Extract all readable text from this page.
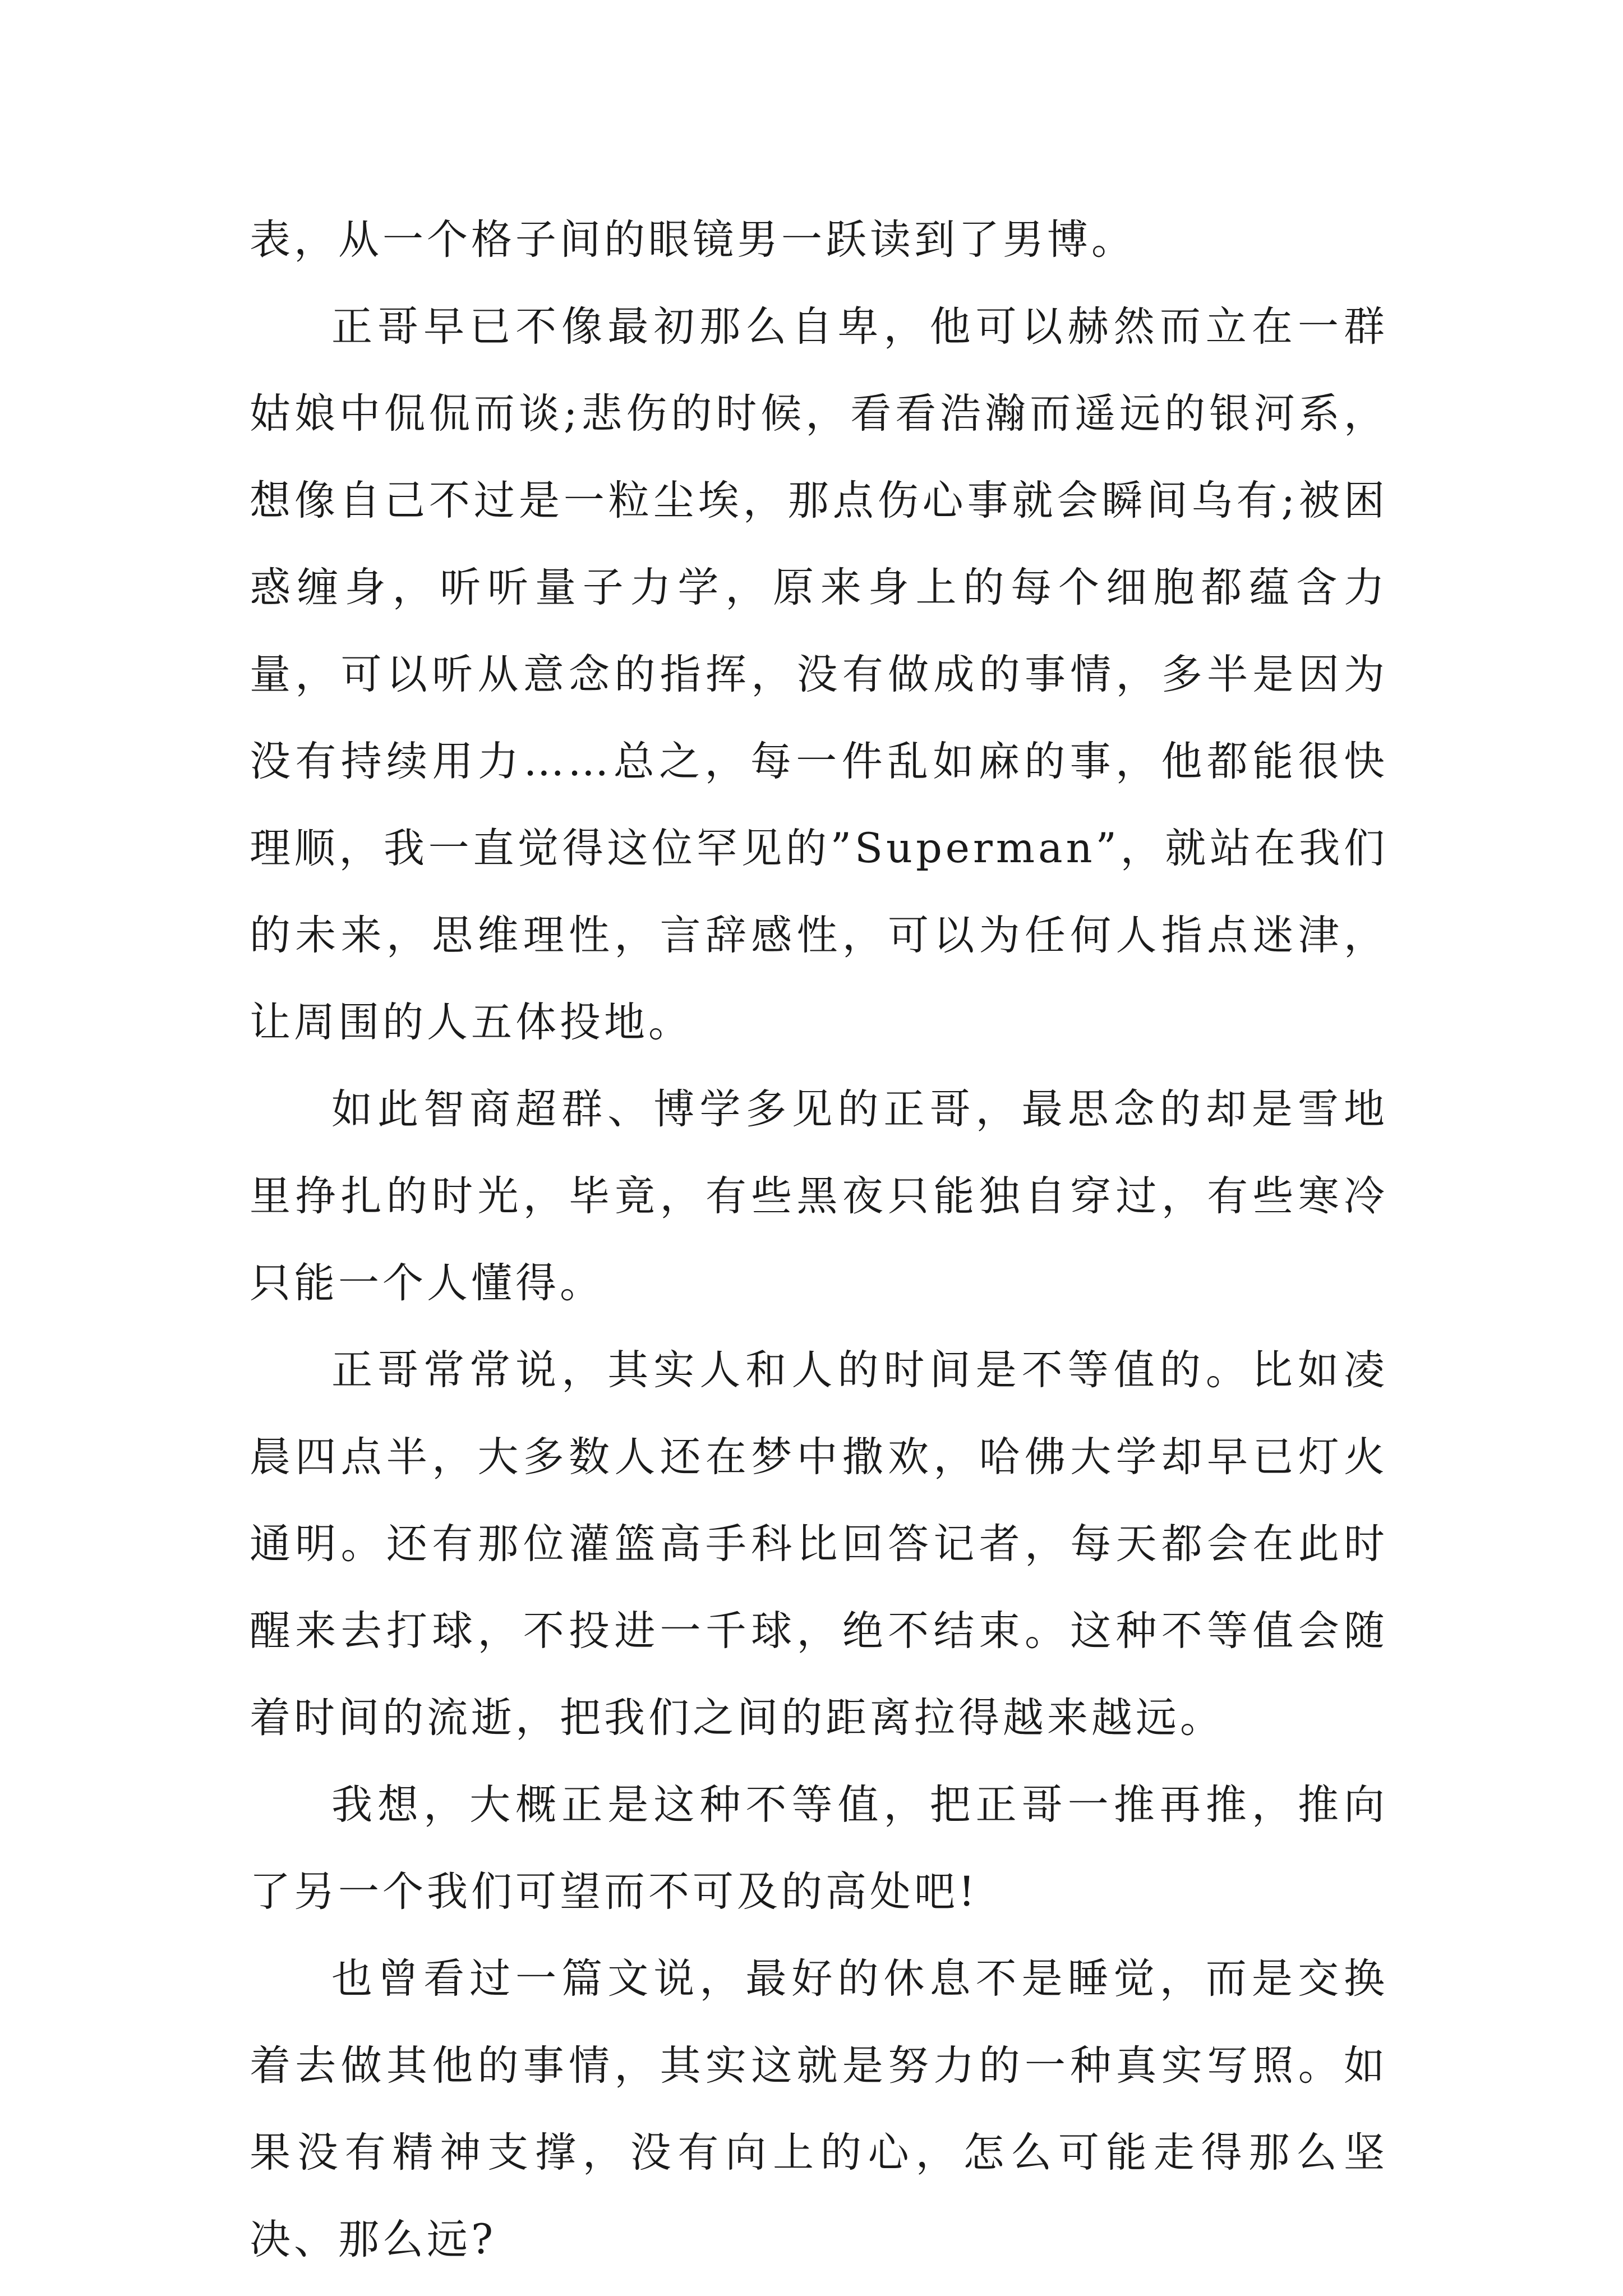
表，从一个格子间的眼镜男一跃读到了男博。

正哥早已不像最初那么自卑，他可以赫然而立在一群姑娘中侃侃而谈;悲伤的时候，看看浩瀚而遥远的银河系，想像自己不过是一粒尘埃，那点伤心事就会瞬间乌有;被困惑缠身，听听量子力学，原来身上的每个细胞都蕴含力量，可以听从意念的指挥，没有做成的事情，多半是因为没有持续用力……总之，每一件乱如麻的事，他都能很快理顺，我一直觉得这位罕见的”Superman”，就站在我们的未来，思维理性，言辞感性，可以为任何人指点迷津，让周围的人五体投地。

如此智商超群、博学多见的正哥，最思念的却是雪地里挣扎的时光，毕竟，有些黑夜只能独自穿过，有些寒冷只能一个人懂得。

正哥常常说，其实人和人的时间是不等值的。比如凌晨四点半，大多数人还在梦中撒欢，哈佛大学却早已灯火通明。还有那位灌篮高手科比回答记者，每天都会在此时醒来去打球，不投进一千球，绝不结束。这种不等值会随着时间的流逝，把我们之间的距离拉得越来越远。

我想，大概正是这种不等值，把正哥一推再推，推向了另一个我们可望而不可及的高处吧!

也曾看过一篇文说，最好的休息不是睡觉，而是交换着去做其他的事情，其实这就是努力的一种真实写照。如果没有精神支撑，没有向上的心，怎么可能走得那么坚决、那么远?
